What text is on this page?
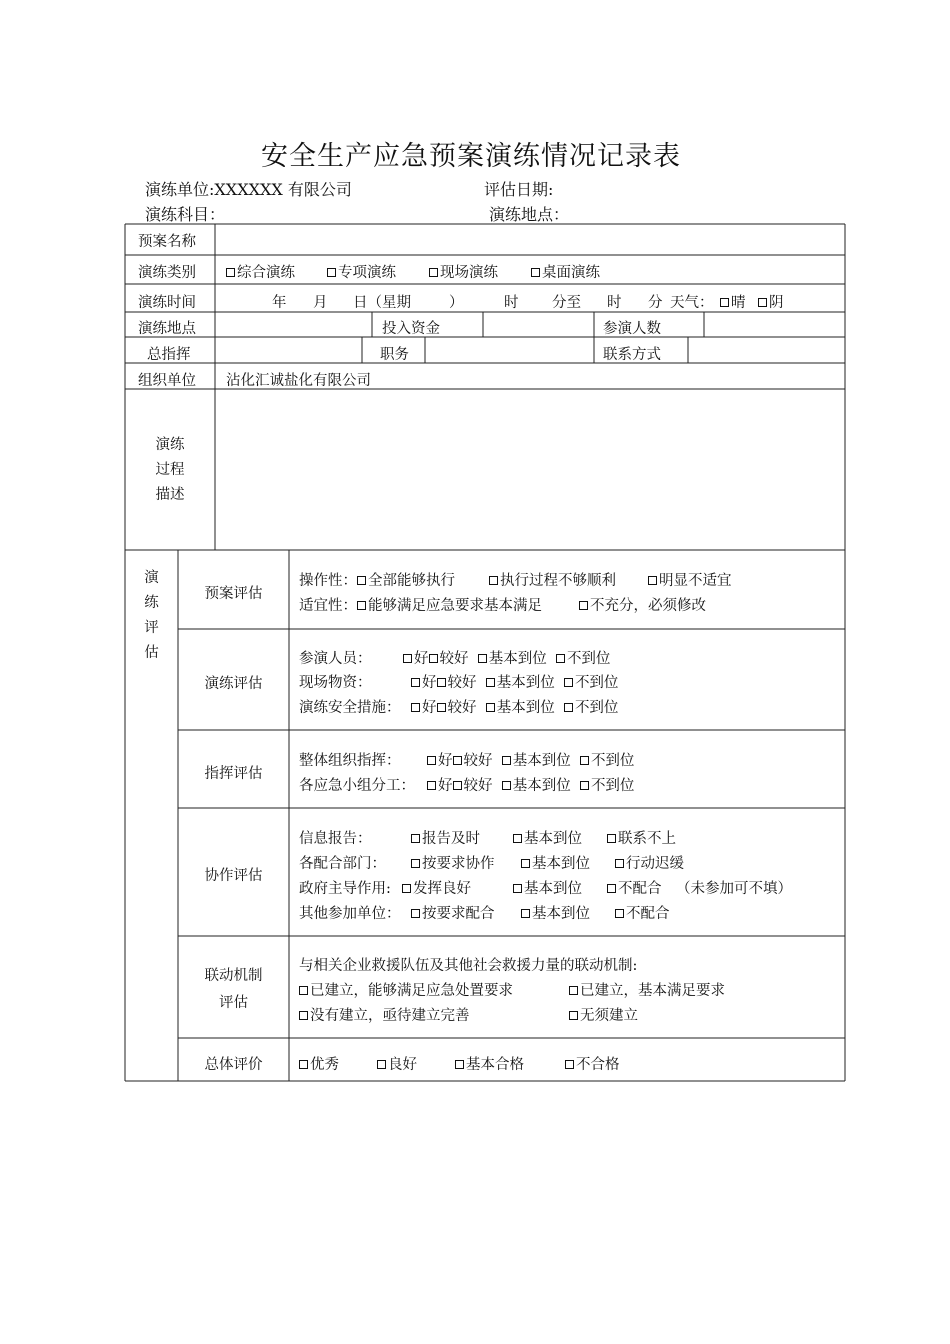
安全生产应急预案演练情况记录表
演练单位:XXXXXX 有限公司	评估日期:
演练科目：	演练地点：
预案名称
演练类别	综合演练	专项演练	现场演练	桌面演练
演练时间	年 月 日（星期	）	时 分至 时 分 天气：	晴	阴
演练地点	投入资金	参演人数
总指挥	职务	联系方式
组织单位 沾化汇诚盐化有限公司
演练
过程
描述
演
练
评
估
预案评估
操作性： 全部能够执行	执行过程不够顺利	明显不适宜
适宜性： 能够满足应急要求基本满足	不充分，必须修改
演练评估
参演人员：	好 较好 基本到位 不到位
现场物资：	好 较好 基本到位 不到位
演练安全措施：	好 较好 基本到位 不到位
指挥评估
整体组织指挥：	好 较好 基本到位 不到位
各应急小组分工：	好 较好 基本到位 不到位
协作评估
信息报告：	报告及时	基本到位	联系不上
各配合部门：	按要求协作	基本到位	行动迟缓
政府主导作用:	发挥良好	基本到位	不配合 （未参加可不填）
其他参加单位：	按要求配合	基本到位	不配合
联动机制
评估
与相关企业救援队伍及其他社会救援力量的联动机制:
已建立，能够满足应急处置要求	已建立，基本满足要求
没有建立，亟待建立完善	无须建立
总体评价	优秀	良好	基本合格	不合格
